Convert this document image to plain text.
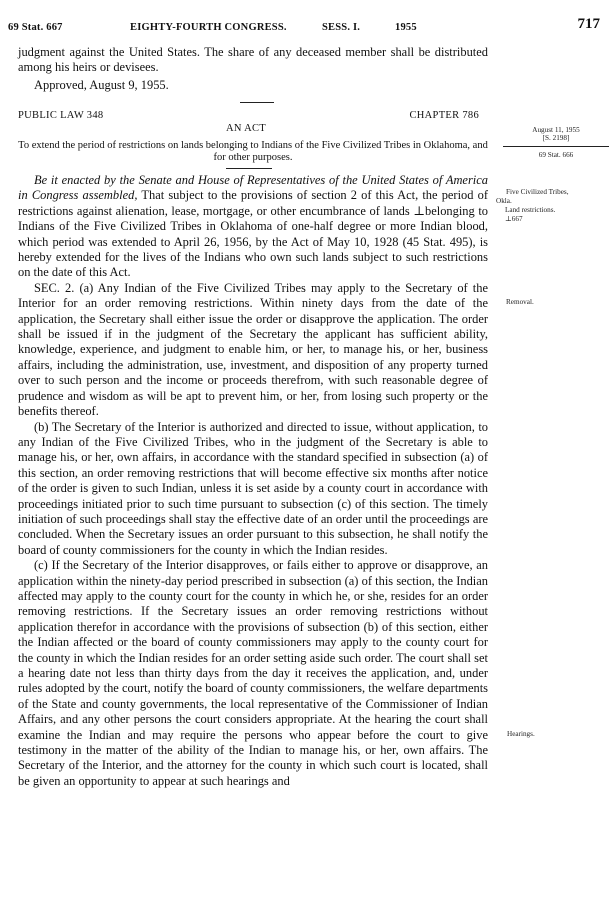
69 Stat. 667	EIGHTY-FOURTH CONGRESS.	SESS. I.	1955	717

judgment against the United States. The share of any deceased member shall be distributed among his heirs or devisees.

Approved, August 9, 1955.
PUBLIC LAW 348	CHAPTER 786
AN ACT
To extend the period of restrictions on lands belonging to Indians of the Five Civilized Tribes in Oklahoma, and for other purposes.
August 11, 1955
[S. 2198]
69 Stat. 666
Five Civilized Tribes,
Okla.
Land restrictions.
⊥667
Removal.
Hearings.

Be it enacted by the Senate and House of Representatives of the United States of America in Congress assembled, That subject to the provisions of section 2 of this Act, the period of restrictions against alienation, lease, mortgage, or other encumbrance of lands ⊥belonging to Indians of the Five Civilized Tribes in Oklahoma of one-half degree or more Indian blood, which period was extended to April 26, 1956, by the Act of May 10, 1928 (45 Stat. 495), is hereby extended for the lives of the Indians who own such lands subject to such restrictions on the date of this Act.

SEC. 2. (a) Any Indian of the Five Civilized Tribes may apply to the Secretary of the Interior for an order removing restrictions. Within ninety days from the date of the application, the Secretary shall either issue the order or disapprove the application. The order shall be issued if in the judgment of the Secretary the applicant has sufficient ability, knowledge, experience, and judgment to enable him, or her, to manage his, or her, business affairs, including the administration, use, investment, and disposition of any property turned over to such person and the income or proceeds therefrom, with such reasonable degree of prudence and wisdom as will be apt to prevent him, or her, from losing such property or the benefits thereof.

(b) The Secretary of the Interior is authorized and directed to issue, without application, to any Indian of the Five Civilized Tribes, who in the judgment of the Secretary is able to manage his, or her, own affairs, in accordance with the standard specified in subsection (a) of this section, an order removing restrictions that will become effective six months after notice of the order is given to such Indian, unless it is set aside by a county court in accordance with proceedings initiated prior to such time pursuant to subsection (c) of this section. The timely initiation of such proceedings shall stay the effective date of an order until the proceedings are concluded. When the Secretary issues an order pursuant to this subsection, he shall notify the board of county commissioners for the county in which the Indian resides.

(c) If the Secretary of the Interior disapproves, or fails either to approve or disapprove, an application within the ninety-day period prescribed in subsection (a) of this section, the Indian affected may apply to the county court for the county in which he, or she, resides for an order removing restrictions. If the Secretary issues an order removing restrictions without application therefor in accordance with the provisions of subsection (b) of this section, either the Indian affected or the board of county commissioners may apply to the county court for the county in which the Indian resides for an order setting aside such order. The court shall set a hearing date not less than thirty days from the day it receives the application, and, under rules adopted by the court, notify the board of county commissioners, the welfare departments of the State and county governments, the local representative of the Commissioner of Indian Affairs, and any other persons the court considers appropriate. At the hearing the court shall examine the Indian and may require the persons who appear before the court to give testimony in the matter of the ability of the Indian to manage his, or her, own affairs. The Secretary of the Interior, and the attorney for the county in which such court is located, shall be given an opportunity to appear at such hearings and
